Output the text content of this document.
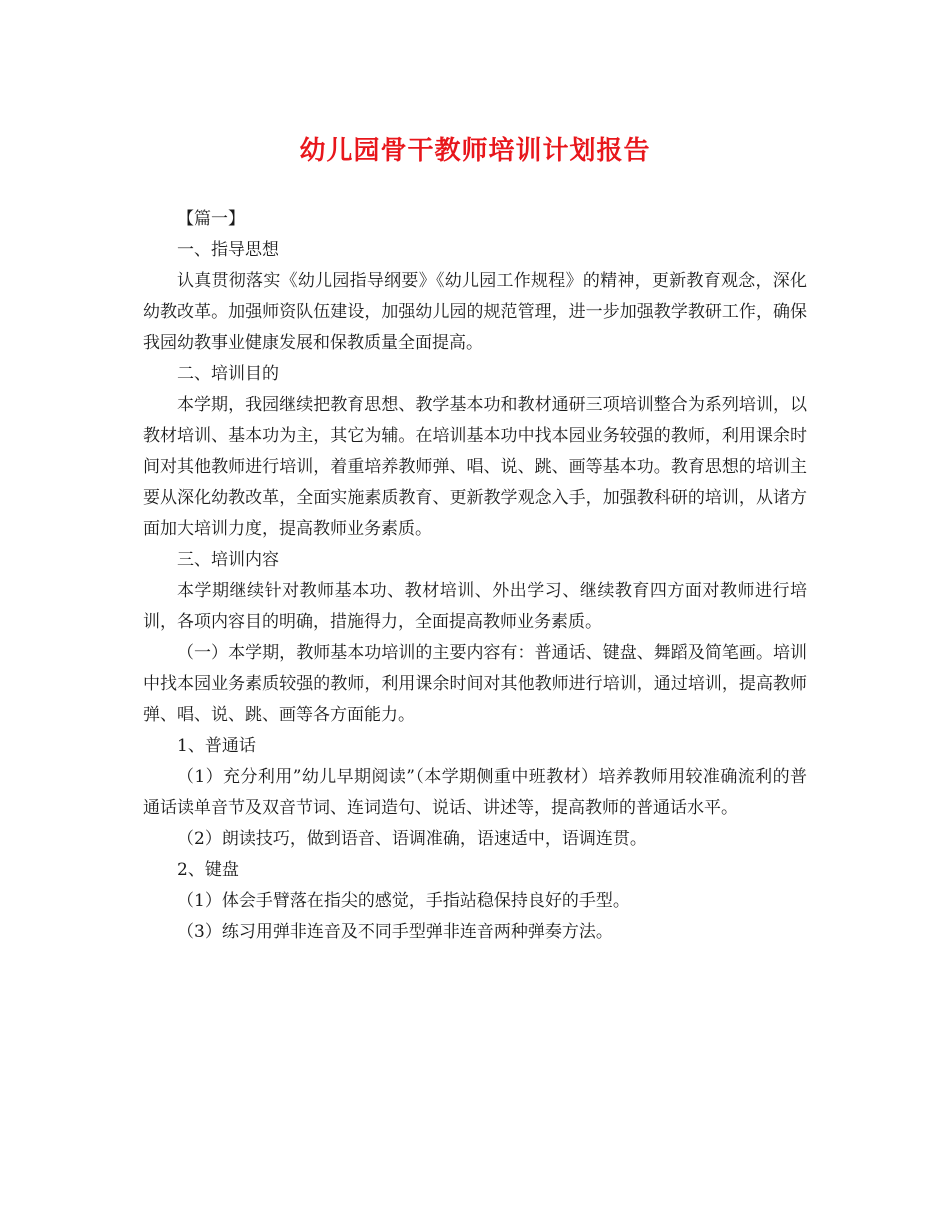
幼儿园骨干教师培训计划报告

【篇一】

一、指导思想

认真贯彻落实《幼儿园指导纲要》《幼儿园工作规程》的精神，更新教育观念，深化幼教改革。加强师资队伍建设，加强幼儿园的规范管理，进一步加强教学教研工作，确保我园幼教事业健康发展和保教质量全面提高。

二、培训目的

本学期，我园继续把教育思想、教学基本功和教材通研三项培训整合为系列培训，以教材培训、基本功为主，其它为辅。在培训基本功中找本园业务较强的教师，利用课余时间对其他教师进行培训，着重培养教师弹、唱、说、跳、画等基本功。教育思想的培训主要从深化幼教改革，全面实施素质教育、更新教学观念入手，加强教科研的培训，从诸方面加大培训力度，提高教师业务素质。

三、培训内容

本学期继续针对教师基本功、教材培训、外出学习、继续教育四方面对教师进行培训，各项内容目的明确，措施得力，全面提高教师业务素质。

（一）本学期，教师基本功培训的主要内容有：普通话、键盘、舞蹈及简笔画。培训中找本园业务素质较强的教师，利用课余时间对其他教师进行培训，通过培训，提高教师弹、唱、说、跳、画等各方面能力。

1、普通话

（1）充分利用”幼儿早期阅读”（本学期侧重中班教材）培养教师用较准确流利的普通话读单音节及双音节词、连词造句、说话、讲述等，提高教师的普通话水平。

（2）朗读技巧，做到语音、语调准确，语速适中，语调连贯。

2、键盘

（1）体会手臂落在指尖的感觉，手指站稳保持良好的手型。

（3）练习用弹非连音及不同手型弹非连音两种弹奏方法。
